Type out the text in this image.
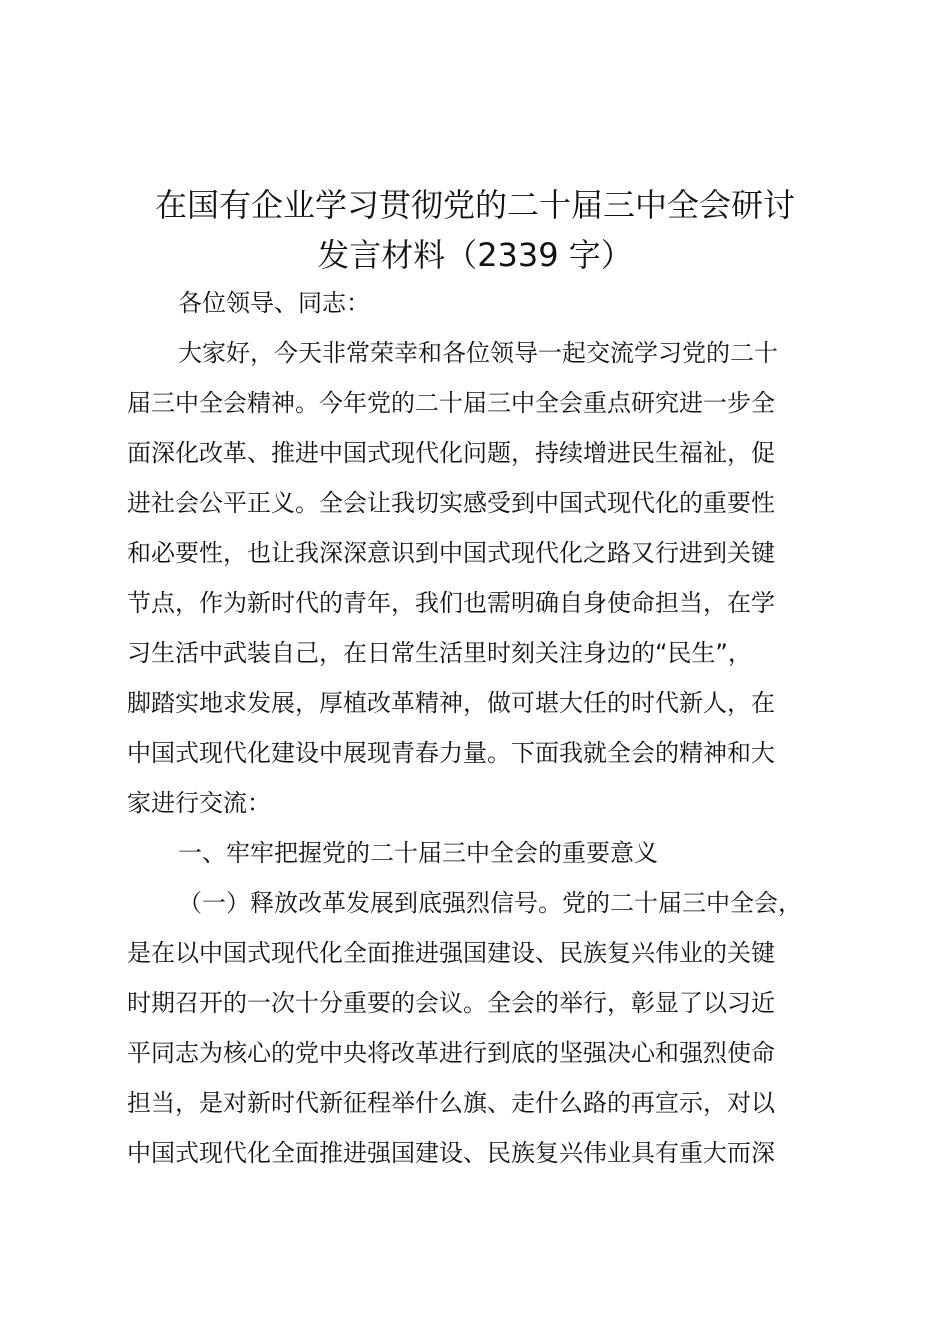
在国有企业学习贯彻党的二十届三中全会研讨
发言材料（2339 字）

各位领导、同志：

大家好，今天非常荣幸和各位领导一起交流学习党的二十
届三中全会精神。今年党的二十届三中全会重点研究进一步全
面深化改革、推进中国式现代化问题，持续增进民生福祉，促
进社会公平正义。全会让我切实感受到中国式现代化的重要性
和必要性，也让我深深意识到中国式现代化之路又行进到关键
节点，作为新时代的青年，我们也需明确自身使命担当，在学
习生活中武装自己，在日常生活里时刻关注身边的“民生”，
脚踏实地求发展，厚植改革精神，做可堪大任的时代新人，在
中国式现代化建设中展现青春力量。下面我就全会的精神和大
家进行交流：

一、牢牢把握党的二十届三中全会的重要意义

（一）释放改革发展到底强烈信号。党的二十届三中全会，
是在以中国式现代化全面推进强国建设、民族复兴伟业的关键
时期召开的一次十分重要的会议。全会的举行，彰显了以习近
平同志为核心的党中央将改革进行到底的坚强决心和强烈使命
担当，是对新时代新征程举什么旗、走什么路的再宣示，对以
中国式现代化全面推进强国建设、民族复兴伟业具有重大而深
